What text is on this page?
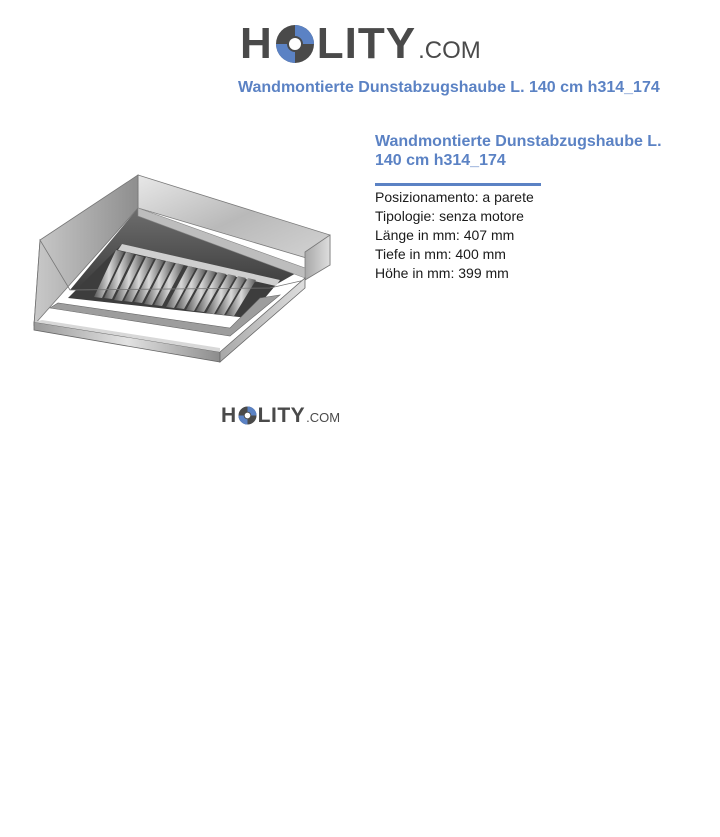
H LITY .COM
Wandmontierte Dunstabzugshaube L. 140 cm h314_174
H LITY .COM
Wandmontierte Dunstabzugshaube L. 140 cm h314_174
Posizionamento: a parete
Tipologie: senza motore
Länge in mm: 407 mm
Tiefe in mm: 400 mm
Höhe in mm: 399 mm
